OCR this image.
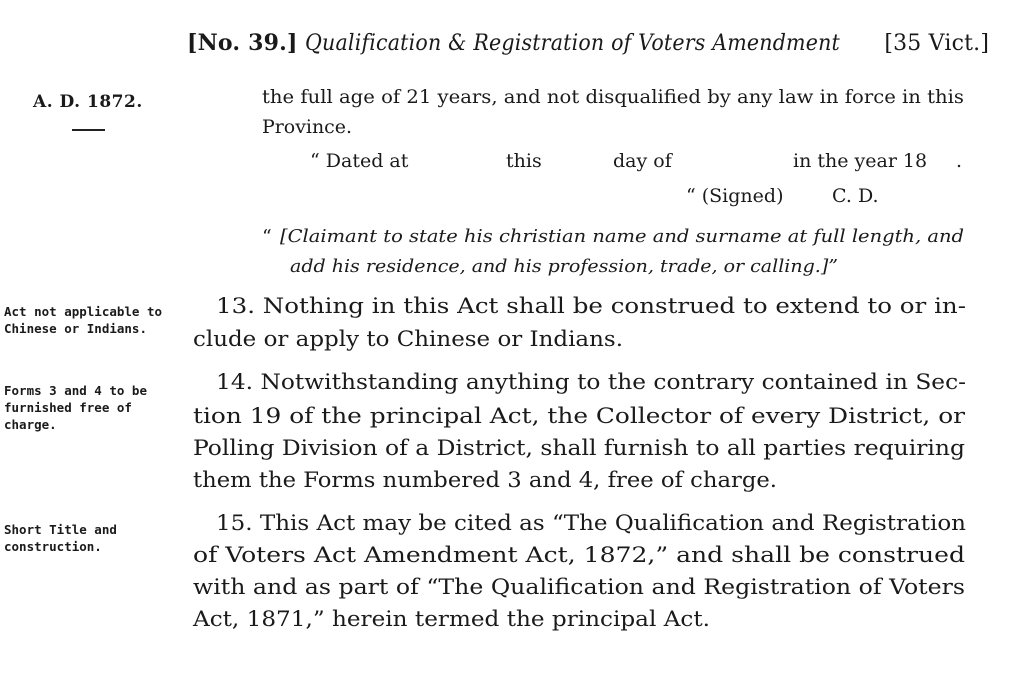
[No. 39.] Qualification & Registration of Voters Amendment [35 Vict.]
A. D. 1872.	the full age of 21 years, and not disqualified by any law in force in this
Province.
“ Dated at	this	day of	in the year 18 .
“ (Signed)	C. D.
“ [Claimant to state his christian name and surname at full length, and
add his residence, and his profession, trade, or calling.]”
Act not applicable to Chinese or Indians.
13. Nothing in this Act shall be construed to extend to or in-
clude or apply to Chinese or Indians.
Forms 3 and 4 to be furnished free of charge.
14. Notwithstanding anything to the contrary contained in Sec-
tion 19 of the principal Act, the Collector of every District, or
Polling Division of a District, shall furnish to all parties requiring
them the Forms numbered 3 and 4, free of charge.
Short Title and construction.
15. This Act may be cited as “The Qualification and Registration
of Voters Act Amendment Act, 1872,” and shall be construed
with and as part of “The Qualification and Registration of Voters
Act, 1871,” herein termed the principal Act.
